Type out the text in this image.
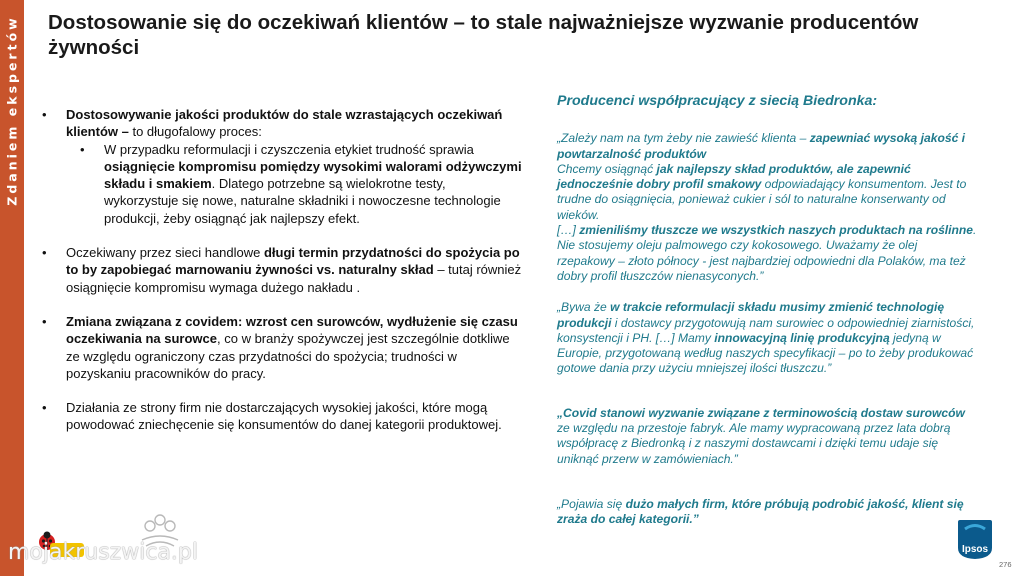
Zdaniem ekspertów Dostosowanie się do oczekiwań klientów – to stale najważniejsze wyzwanie producentów żywności
• Dostosowywanie jakości produktów do stale wzrastających oczekiwań klientów – to długofalowy proces:
• W przypadku reformulacji i czyszczenia etykiet trudność sprawia osiągnięcie kompromisu pomiędzy wysokimi walorami odżywczymi składu i smakiem. Dlatego potrzebne są wielokrotne testy, wykorzystuje się nowe, naturalne składniki i nowoczesne technologie produkcji, żeby osiągnąć jak najlepszy efekt.
• Oczekiwany przez sieci handlowe długi termin przydatności do spożycia po to by zapobiegać marnowaniu żywności vs. naturalny skład – tutaj również osiągnięcie kompromisu wymaga dużego nakładu .
• Zmiana związana z covidem: wzrost cen surowców, wydłużenie się czasu oczekiwania na surowce, co w branży spożywczej jest szczególnie dotkliwe ze względu ograniczony czas przydatności do spożycia; trudności w pozyskaniu pracowników do pracy.
• Działania ze strony firm nie dostarczających wysokiej jakości, które mogą powodować zniechęcenie się konsumentów do danej kategorii produktowej.
Producenci współpracujący z siecią Biedronka:
„Zależy nam na tym żeby nie zawieść klienta – zapewniać wysoką jakość i powtarzalność produktów
Chcemy osiągnąć jak najlepszy skład produktów, ale zapewnić jednocześnie dobry profil smakowy odpowiadający konsumentom. Jest to trudne do osiągnięcia, ponieważ cukier i sól to naturalne konserwanty od wieków.
[…] zmieniliśmy tłuszcze we wszystkich naszych produktach na roślinne. Nie stosujemy oleju palmowego czy kokosowego. Uważamy że olej rzepakowy – złoto północy - jest najbardziej odpowiedni dla Polaków, ma też dobry profil tłuszczów nienasyconych.”
„Bywa że w trakcie reformulacji składu musimy zmienić technologię produkcji i dostawcy przygotowują nam surowiec o odpowiedniej ziarnistości, konsystencji i PH. […] Mamy innowacyjną linię produkcyjną jedyną w Europie, przygotowaną według naszych specyfikacji – po to żeby produkować gotowe dania przy użyciu mniejszej ilości tłuszczu.”
„Covid stanowi wyzwanie związane z terminowością dostaw surowców ze względu na przestoje fabryk. Ale mamy wypracowaną przez lata dobrą współpracę z Biedronką i z naszymi dostawcami i dzięki temu udaje się uniknąć przerw w zamówieniach.”
„Pojawia się dużo małych firm, które próbują podrobić jakość, klient się zraża do całej kategorii.”
mojakruszwica.pl	Ipsos
276
